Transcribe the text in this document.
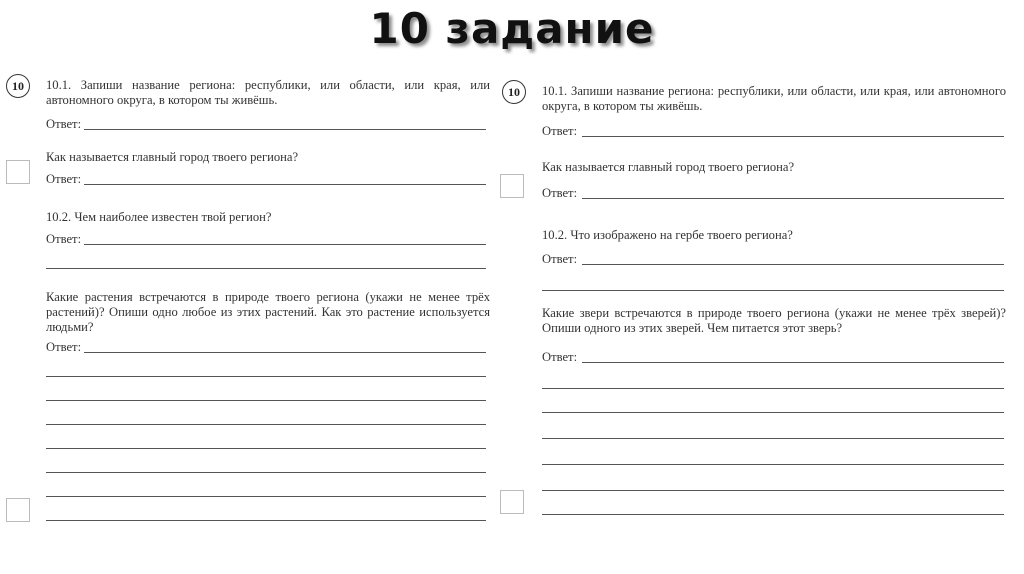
10 задание
10	10.1. Запиши название региона: республики, или области, или края, или автономного округа, в котором ты живёшь.

Ответ:

Как называется главный город твоего региона?

Ответ:

10.2. Чем наиболее известен твой регион?

Ответ:

Какие растения встречаются в природе твоего региона (укажи не менее трёх растений)? Опиши одно любое из этих растений. Как это растение используется людьми?

Ответ:
10	10.1. Запиши название региона: республики, или области, или края, или автономного округа, в котором ты живёшь.

Ответ:

Как называется главный город твоего региона?

Ответ:

10.2. Что изображено на гербе твоего региона?

Ответ:

Какие звери встречаются в природе твоего региона (укажи не менее трёх зверей)? Опиши одного из этих зверей. Чем питается этот зверь?

Ответ:
